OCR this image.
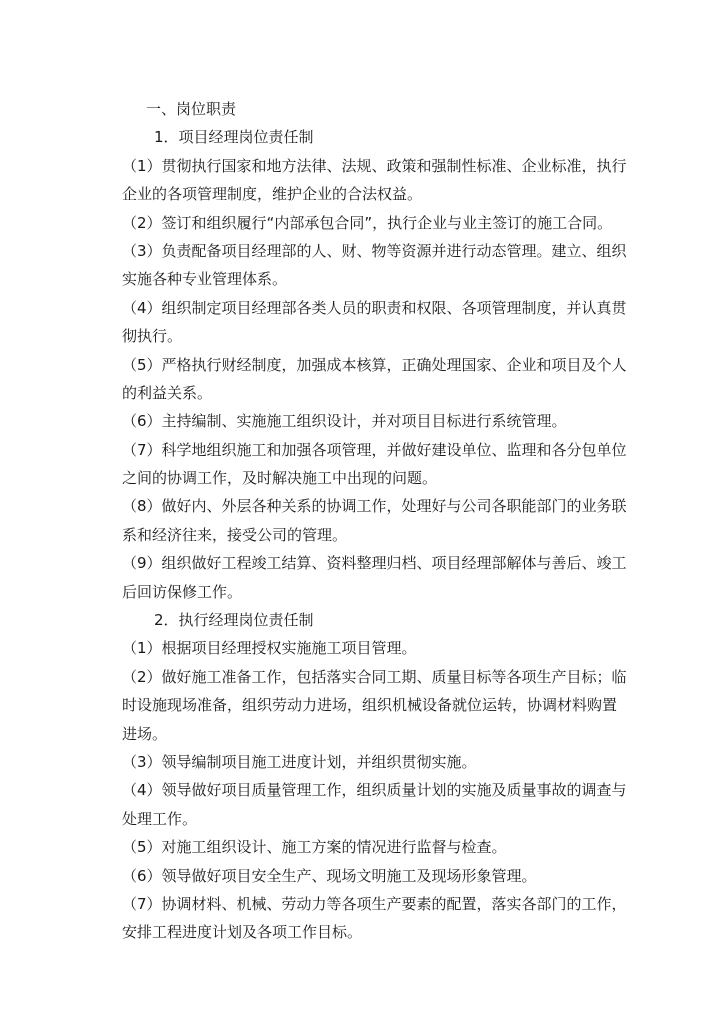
一、岗位职责
1．项目经理岗位责任制
（1）贯彻执行国家和地方法律、法规、政策和强制性标准、企业标准，执行
企业的各项管理制度，维护企业的合法权益。
（2）签订和组织履行“内部承包合同”，执行企业与业主签订的施工合同。
（3）负责配备项目经理部的人、财、物等资源并进行动态管理。建立、组织
实施各种专业管理体系。
（4）组织制定项目经理部各类人员的职责和权限、各项管理制度，并认真贯
彻执行。
（5）严格执行财经制度，加强成本核算，正确处理国家、企业和项目及个人
的利益关系。
（6）主持编制、实施施工组织设计，并对项目目标进行系统管理。
（7）科学地组织施工和加强各项管理，并做好建设单位、监理和各分包单位
之间的协调工作，及时解决施工中出现的问题。
（8）做好内、外层各种关系的协调工作，处理好与公司各职能部门的业务联
系和经济往来，接受公司的管理。
（9）组织做好工程竣工结算、资料整理归档、项目经理部解体与善后、竣工
后回访保修工作。
2．执行经理岗位责任制
（1）根据项目经理授权实施施工项目管理。
（2）做好施工准备工作，包括落实合同工期、质量目标等各项生产目标；临
时设施现场准备，组织劳动力进场，组织机械设备就位运转，协调材料购置
进场。
（3）领导编制项目施工进度计划，并组织贯彻实施。
（4）领导做好项目质量管理工作，组织质量计划的实施及质量事故的调查与
处理工作。
（5）对施工组织设计、施工方案的情况进行监督与检查。
（6）领导做好项目安全生产、现场文明施工及现场形象管理。
（7）协调材料、机械、劳动力等各项生产要素的配置，落实各部门的工作，
安排工程进度计划及各项工作目标。
